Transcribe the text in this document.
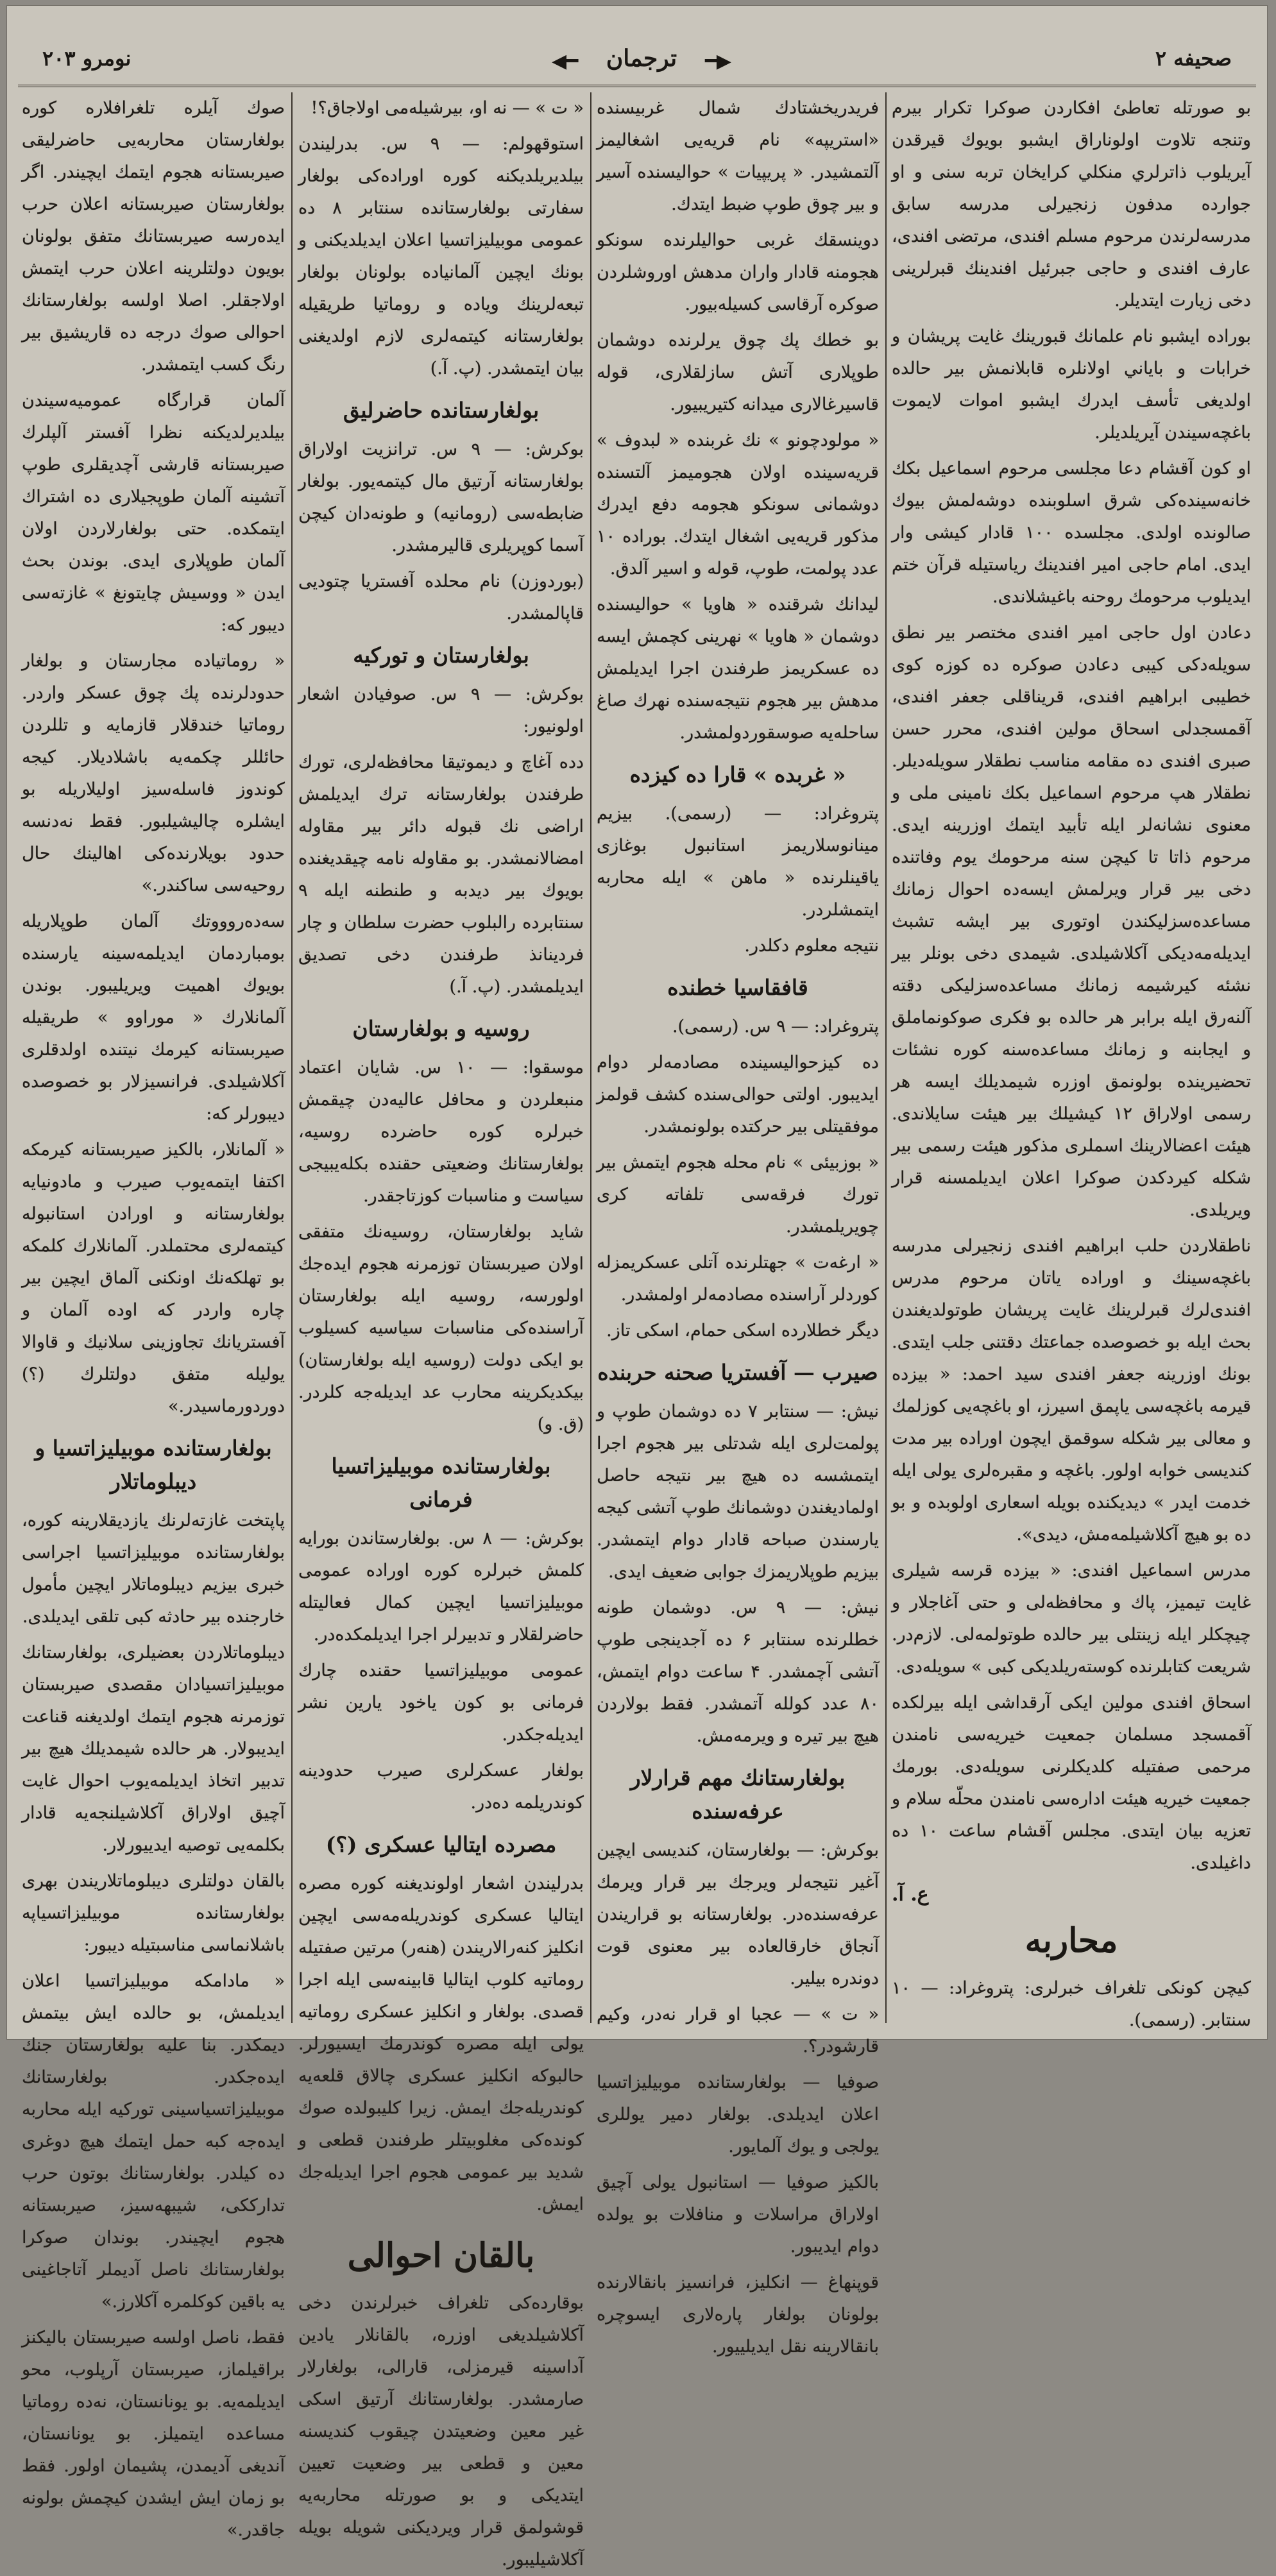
نومرو ۲۰۳	◀━	ترجمان	━▶	صحيفه ۲
بو صورتله تعاطئ افكاردن صوكرا تكرار بيرم وتنجه تلاوت اولوناراق ايشبو بويوك قيرقدن آيريلوب ذاترلري منكلي كرايخان تربه سنى و او جوارده مدفون زنجيرلى مدرسه سابق مدرسه‌لرندن مرحوم مسلم افندى، مرتضى افندى، عارف افندى و حاجى جبرئيل افندينك قبرلرينى دخى زيارت ايتديلر.
بوراده ايشبو نام علمانك قبورينك غايت پريشان و خرابات و باياني اولانلره قابلانمش بير حالده اولديغى تأسف ايدرك ايشبو اموات لايموت باغچه‌سيندن آيريلديلر.
او كون آقشام دعا مجلسى مرحوم اسماعيل بكك خانه‌سينده‌كى شرق اسلوبنده دوشه‌لمش بيوك صالونده اولدى. مجلسده ۱۰۰ قادار كيشى وار ايدى. امام حاجى امير افندينك رياستيله قرآن ختم ايديلوب مرحومك روحنه باغيشلاندى.
دعادن اول حاجى امير افندى مختصر بير نطق سويله‌دكى كيبى دعادن صوكره ده كوزه كوى خطيبى ابراهيم افندى، قريناقلى جعفر افندى، آقمسجدلى اسحاق مولين افندى، محرر حسن صبرى افندى ده مقامه مناسب نطقلار سويله‌ديلر. نطقلار هپ مرحوم اسماعيل بكك نامينى ملى و معنوى نشانه‌لر ايله تأبيد ايتمك اوزرينه ايدى. مرحوم ذاتا تا كيچن سنه مرحومك يوم وفاتنده دخى بير قرار ويرلمش ايسه‌ده احوال زمانك مساعده‌سزليكندن اوتورى بير ايشه تشبث ايديله‌مه‌ديكى آكلاشيلدى. شيمدى دخى بونلر بير نشئه كيرشيمه زمانك مساعده‌سزليكى دقته آلنه‌رق ايله برابر هر حالده بو فكرى صوكونماملق و ايجابنه و زمانك مساعده‌سنه كوره نشئات تحضيرينده بولونمق اوزره شيمديلك ايسه هر رسمى اولاراق ۱۲ كيشيلك بير هيئت سايلاندى. هيئت اعضالارينك اسملرى مذكور هيئت رسمى بير شكله كيردكدن صوكرا اعلان ايديلمسنه قرار ويريلدى.
ناطقلاردن حلب ابراهيم افندى زنجيرلى مدرسه باغچه‌سينك و اوراده ياتان مرحوم مدرس افندى‌لرك قبرلرينك غايت پريشان طوتولديغندن بحث ايله بو خصوصده جماعتك دقتنى جلب ايتدى. بونك اوزرينه جعفر افندى سيد احمد: « بيزده قيرمه باغچه‌سى ياپمق اسيرز، او باغچه‌يى كوزلمك و معالى بير شكله سوقمق ايچون اوراده بير مدت كنديسى خوابه اولور. باغچه و مقبره‌لرى يولى ايله خدمت ايدر » ديديكنده بويله اسعارى اولوبده و بو ده بو هيچ آكلاشيلمه‌مش، ديدى».
مدرس اسماعيل افندى: « بيزده قرسه شيلرى غايت تيميز، پاك و محافظه‌لى و حتى آغاجلار و چيچكلر ايله زينتلى بير حالده طوتولمه‌لى. لازم‌در. شريعت كتابلرنده كوسته‌ريلديكى كبى » سويله‌دى.
اسحاق افندى مولين ايكى آرقداشى ايله بيرلكده آقمسجد مسلمان جمعيت خيريه‌سى نامندن مرحمى صفتيله كلديكلرنى سويله‌دى. بورمك جمعيت خيريه هيئت اداره‌سى نامندن محلّه سلام و تعزيه بيان ايتدى. مجلس آقشام ساعت ۱۰ ده داغيلدى.
ع. آ.
محاربه
كيچن كونكى تلغراف خبرلرى: پتروغراد: — ۱۰ سنتابر. (رسمى).
فريدريخشتادك شمال غربيسنده «استريپه» نام قريه‌يى اشغاليمز آلتمشيدر. « پريپيات » حواليسنده آسير و بير چوق طوپ ضبط ايتدك.
دوينسقك غربى حواليلرنده سونكو هجومنه قادار واران مدهش اوروشلردن صوكره آرقاسى كسيله‌بيور.
بو خطك پك چوق يرلرنده دوشمان طوپلارى آتش سازلقلارى، قوله قاسيرغالارى ميدانه كتيريبيور.
« مولودچونو » نك غربنده « لبدوف » قريه‌سينده اولان هجوميمز آلتسنده دوشمانى سونكو هجومه دفع ايدرك مذكور قريه‌يى اشغال ايتدك. بوراده ۱۰ عدد پولمت، طوپ، قوله و اسير آلدق.
ليدانك شرقنده « هاويا » حواليسنده دوشمان « هاويا » نهرينى كچمش ايسه ده عسكريمز طرفندن اجرا ايديلمش مدهش بير هجوم نتيجه‌سنده نهرك صاغ ساحله‌يه صوسقوردولمشدر.
« غربده » قارا ده كيزده
پتروغراد: — (رسمى). بيزيم مينانوسلاريمز استانبول بوغازى ياقينلرنده « ماهن » ايله محاربه ايتمشلردر.
نتيجه معلوم دكلدر.
قافقاسيا خطنده
پتروغراد: — ۹ س. (رسمى).
ده كيزحواليسينده مصادمه‌لر دوام ايديبور. اولتى حوالى‌سنده كشف قولمز موفقيتلى بير حركتده بولونمشدر.
« بوزبيئى » نام محله هجوم ايتمش بير تورك فرقه‌سى تلفاته كرى چويريلمشدر.
« ارغه‌ت » جهتلرنده آتلى عسكريمزله كوردلر آراسنده مصادمه‌لر اولمشدر.
ديگر خطلارده اسكى حمام، اسكى تاز.
صيرب — آفستريا صحنه حربنده
نيش: — سنتابر ۷ ده دوشمان طوپ و پولمت‌لرى ايله شدتلى بير هجوم اجرا ايتمشسه ده هيچ بير نتيجه حاصل اولماديغندن دوشمانك طوپ آتشى كيجه يارسندن صباحه قادار دوام ايتمشدر. بيزيم طوپلاريمزك جوابى ضعيف ايدى.
نيش: — ۹ س. دوشمان طونه خطلرنده سنتابر ۶ ده آجدينجى طوپ آتشى آچمشدر. ۴ ساعت دوام ايتمش، ۸۰ عدد كولله آتمشدر. فقط بولاردن هيچ بير تيره و ويرمه‌مش.
بولغارستانك مهم قرارلار عرفه‌سنده
بوكرش: — بولغارستان، كنديسى ايچين آغير نتيجه‌لر ويرجك بير قرار ويرمك عرفه‌سنده‌در. بولغارستانه بو قراريندن آنجاق خارقالعاده بير معنوى قوت دوندره بيلير.
« ت » — عجبا او قرار نه‌در، وكيم قارشودر؟.
صوفيا — بولغارستانده موبيليزاتسيا اعلان ايديلدى. بولغار دمير يوللرى يولجى و يوك آلمايور.
بالكيز صوفيا — استانبول يولى آچيق اولاراق مراسلات و منافلات بو يولده دوام ايديبور.
قوپنهاغ — انكليز، فرانسيز بانقالارنده بولونان بولغار پاره‌لارى ايسوچره بانقالارينه نقل ايديلييور.
« ت » — نه او، بيرشيله‌مى اولاجاق؟!
استوقهولم: — ۹ س. بدرليندن بيلديريلديكنه كوره اوراده‌كى بولغار سفارتى بولغارستانده سنتابر ۸ ده عمومى موبيليزاتسيا اعلان ايديلديكنى و بونك ايچين آلمانياده بولونان بولغار تبعه‌لرينك وياده و روماتيا طريقيله بولغارستانه كيتمه‌لرى لازم اولديغنى بيان ايتمشدر. (پ. آ.)
بولغارستانده حاضرليق
بوكرش: — ۹ س. ترانزيت اولاراق بولغارستانه آرتيق مال كيتمه‌يور. بولغار ضابطه‌سى (رومانيه) و طونه‌دان كيچن آسما كوپريلرى قاليرمشدر.
(بوردوزن) نام محلده آفستريا چتوديى قاپالمشدر.
بولغارستان و توركيه
بوكرش: — ۹ س. صوفيادن اشعار اولونيور:
دده آغاچ و ديموتيقا محافظه‌لرى، تورك طرفندن بولغارستانه ترك ايديلمش اراضى نك قبوله دائر بير مقاوله امضالانمشدر. بو مقاوله نامه چيقديغنده بويوك بير ديدبه و طنطنه ايله ۹ سنتابرده رالبلوب حضرت سلطان و چار فردينانذ طرفندن دخى تصديق ايديلمشدر. (پ. آ.)
روسيه و بولغارستان
موسقوا: — ۱۰ س. شايان اعتماد منبعلردن و محافل عاليه‌دن چيقمش خبرلره كوره حاضرده روسيه، بولغارستانك وضعيتى حقنده بكله‌يبيجى سياست و مناسبات كوزتاجقدر.
شايد بولغارستان، روسيه‌نك متفقى اولان صيربستان توزمرنه هجوم ايده‌جك اولورسه، روسيه ايله بولغارستان آراسنده‌كى مناسبات سياسيه كسيلوب بو ايكى دولت (روسيه ايله بولغارستان) بيكديكرينه محارب عد ايديله‌جه كلردر. (ق. و)
بولغارستانده موبيليزاتسيا فرمانى
بوكرش: — ۸ س. بولغارستاندن بورايه كلمش خبرلره كوره اوراده عمومى موبيليزاتسيا ايچين كمال فعاليتله حاضرلقلار و تدبيرلر اجرا ايديلمكده‌در.
عمومى موبيليزاتسيا حقنده چارك فرمانى بو كون ياخود يارين نشر ايديله‌جكدر.
بولغار عسكرلرى صيرب حدودينه كوندريلمه ده‌در.
مصرده ايتاليا عسكرى (؟)
بدرليندن اشعار اولونديغنه كوره مصره ايتاليا عسكرى كوندريله‌مه‌سى ايچين انكليز كنه‌رالاريندن (هنه‌ر) مرتين صفتيله روماتيه كلوب ايتاليا قابينه‌سى ايله اجرا قصدى. بولغار و انكليز عسكرى روماتيه يولى ايله مصره كوندرمك ايسيورلر. حالبوكه انكليز عسكرى چالاق قلعه‌يه كوندريله‌جك ايمش. زيرا كليبولده صوك كونده‌كى مغلوبيتلر طرفندن قطعى و شديد بير عمومى هجوم اجرا ايديله‌جك ايمش.
بالقان احوالى
بوقارده‌كى تلغراف خبرلرندن دخى آكلاشيلديغى اوزره، بالقانلار يادين آداسينه قيرمزلى، قارالى، بولغارلار صارمشدر. بولغارستانك آرتيق اسكى غير معين وضعيتدن چيقوب كنديسنه معين و قطعى بير وضعيت تعيين ايتديكى و بو صورتله محاربه‌يه قوشولمق قرار ويرديكنى شويله بويله آكلاشيليبور.
صوك آيلره تلغرافلاره كوره بولغارستان محاربه‌يى حاضرليقى صيربستانه هجوم ايتمك ايچيندر. اگر بولغارستان صيربستانه اعلان حرب ايده‌رسه صيربستانك متفق بولونان بويون دولتلرينه اعلان حرب ايتمش اولاجقلر. اصلا اولسه بولغارستانك احوالى صوك درجه ده قاريشيق بير رنگ كسب ايتمشدر.
آلمان قرارگاه عموميه‌سيندن بيلديرلديكنه نظرا آفستر آلپلرك صيربستانه قارشى آچديقلرى طوپ آتشينه آلمان طوپجيلارى ده اشتراك ايتمكده. حتى بولغارلاردن اولان آلمان طوپلارى ايدى. بوندن بحث ايدن « ووسيش چايتونغ » غازته‌سى ديبور كه:
« روماتياده مجارستان و بولغار حدودلرنده پك چوق عسكر واردر. روماتيا خندقلار قازمايه و تللردن حائللر چكمه‌يه باشلاديلار. كيجه كوندوز فاسله‌سيز اوليلاريله بو ايشلره چاليشيلبور. فقط نه‌دنسه حدود بويلارنده‌كى اهالينك حال روحيه‌سى ساكندر.»
سه‌ده‌روووتك آلمان طوپلاريله بومباردمان ايديلمه‌سينه يارسنده بويوك اهميت ويريليبور. بوندن آلمانلارك « موراوو » طريقيله صيربستانه كيرمك نيتنده اولدقلرى آكلاشيلدى. فرانسيزلار بو خصوصده ديبورلر كه:
« آلمانلار، بالكيز صيربستانه كيرمكه اكتفا ايتمه‌يوب صيرب و مادونيايه بولغارستانه و اورادن استانبوله كيتمه‌لرى محتملدر. آلمانلارك كلمكه بو تهلكه‌نك اونكنى آلماق ايچين بير چاره واردر كه اوده آلمان و آفستريانك تجاوزينى سلانيك و قاوالا يوليله متفق دولتلرك (؟) دوردورماسيدر.»
بولغارستانده موبيليزاتسيا و ديبلوماتلار
پاپتخت غازته‌لرنك يازديقلارينه كوره، بولغارستانده موبيليزاتسيا اجراسى خبرى بيزيم ديبلوماتلار ايچين مأمول خارجنده بير حادثه كبى تلقى ايديلدى.
ديبلوماتلاردن بعضيلرى، بولغارستانك موبيليزاتسيادان مقصدى صيربستان توزمرنه هجوم ايتمك اولديغنه قناعت ايديبولار. هر حالده شيمديلك هيچ بير تدبير اتخاذ ايديلمه‌يوب احوال غايت آچيق اولاراق آكلاشيلنجه‌يه قادار بكلمه‌يى توصيه ايدييورلار.
بالقان دولتلرى ديبلوماتلاريندن بهرى بولغارستانده موبيليزاتسياپه باشلانماسى مناسبتيله ديبور:
« مادامكه موبيليزاتسيا اعلان ايديلمش، بو حالده ايش بيتمش ديمكدر. بنا عليه بولغارستان جنك ايده‌جكدر. بولغارستانك موبيليزاتسياسينى توركيه ايله محاربه ايده‌جه كبه حمل ايتمك هيچ دوغرى ده كيلدر. بولغارستانك بوتون حرب تدارككى، شيبهه‌سيز، صيربستانه هجوم ايچيندر. بوندان صوكرا بولغارستانك ناصل آديملر آتاجاغينى يه باقين كوكلمره آكلارز.»
فقط، ناصل اولسه صيربستان باليكنز براقيلماز، صيربستان آرپلوب، محو ايديلمه‌يه. بو يونانستان، نه‌ده روماتيا مساعده ايتميلز. بو يونانستان، آنديغى آديمدن، پشيمان اولور. فقط بو زمان ايش ايشدن كيچمش بولونه جاقدر.»
